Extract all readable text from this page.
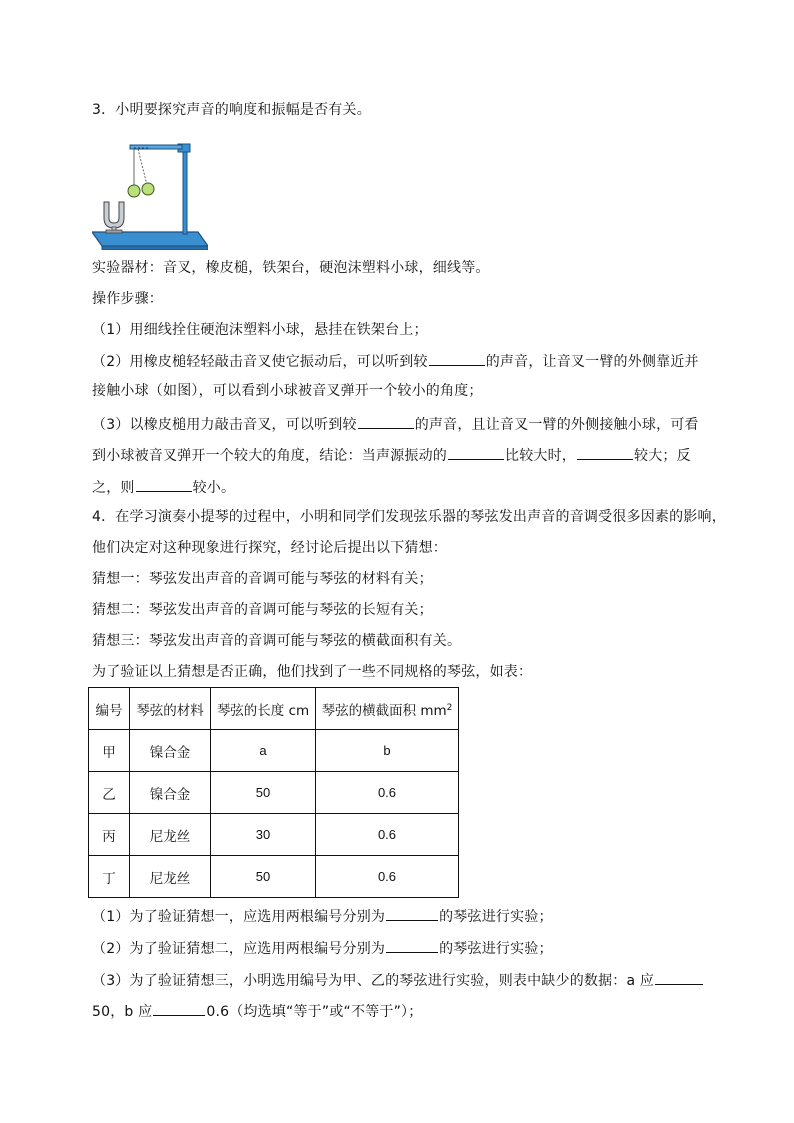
3．小明要探究声音的响度和振幅是否有关。
实验器材：音叉，橡皮槌，铁架台，硬泡沫塑料小球，细线等。
操作步骤：
（1）用细线拴住硬泡沫塑料小球，悬挂在铁架台上；
（2）用橡皮槌轻轻敲击音叉使它振动后，可以听到较	的声音，让音叉一臂的外侧靠近并
接触小球（如图），可以看到小球被音叉弹开一个较小的角度；
（3）以橡皮槌用力敲击音叉，可以听到较	的声音，且让音叉一臂的外侧接触小球，可看
到小球被音叉弹开一个较大的角度，结论：当声源振动的	比较大时，	较大；反
之，则	较小。
4．在学习演奏小提琴的过程中，小明和同学们发现弦乐器的琴弦发出声音的音调受很多因素的影响，
他们决定对这种现象进行探究，经讨论后提出以下猜想：
猜想一：琴弦发出声音的音调可能与琴弦的材料有关；
猜想二：琴弦发出声音的音调可能与琴弦的长短有关；
猜想三：琴弦发出声音的音调可能与琴弦的横截面积有关。
为了验证以上猜想是否正确，他们找到了一些不同规格的琴弦，如表：
编号	琴弦的材料	琴弦的长度 cm	琴弦的横截面积 $mm^2$
甲	镍合金	a	b
乙	镍合金	50	0.6
丙	尼龙丝	30	0.6
丁	尼龙丝	50	0.6
（1）为了验证猜想一，应选用两根编号分别为	的琴弦进行实验；
（2）为了验证猜想二，应选用两根编号分别为	的琴弦进行实验；
（3）为了验证猜想三，小明选用编号为甲、乙的琴弦进行实验，则表中缺少的数据：a 应
50，b 应	0.6（均选填“等于”或“不等于”）；
